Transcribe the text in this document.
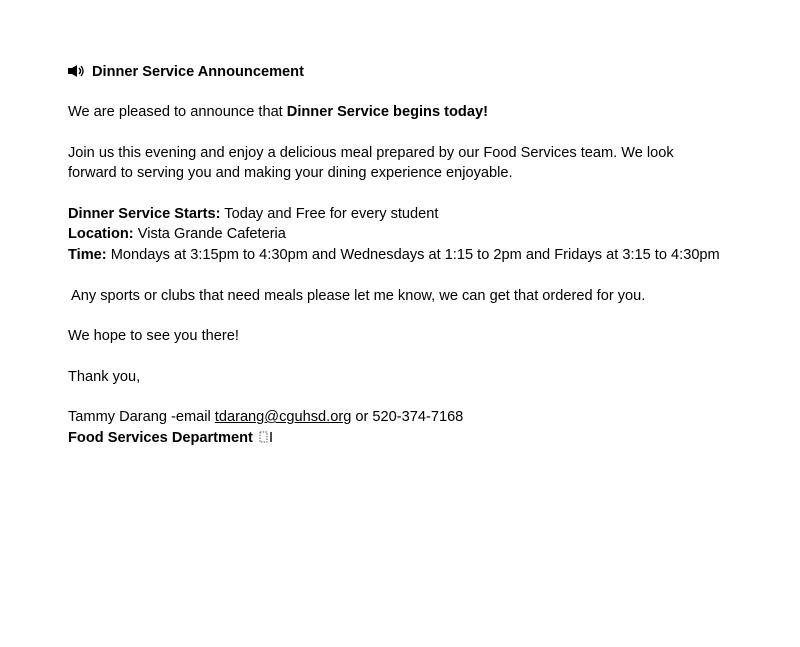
Dinner Service Announcement
We are pleased to announce that Dinner Service begins today!
Join us this evening and enjoy a delicious meal prepared by our Food Services team. We look
forward to serving you and making your dining experience enjoyable.
Dinner Service Starts: Today and Free for every student
Location: Vista Grande Cafeteria
Time: Mondays at 3:15pm to 4:30pm and Wednesdays at 1:15 to 2pm and Fridays at 3:15 to 4:30pm
Any sports or clubs that need meals please let me know, we can get that ordered for you.
We hope to see you there!
Thank you,
Tammy Darang -email tdarang@cguhsd.org or 520-374-7168
Food Services Department
